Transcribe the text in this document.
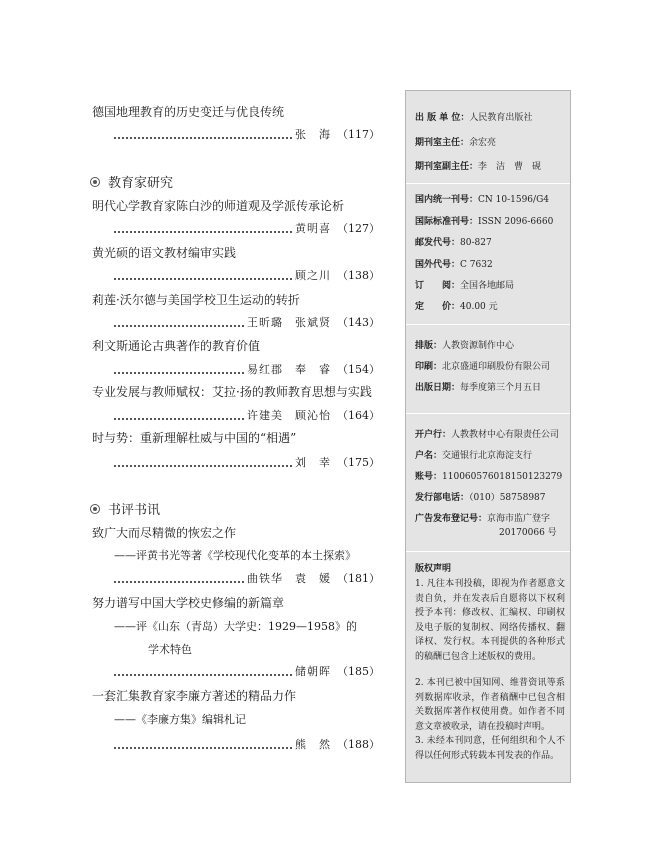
德国地理教育的历史变迁与优良传统
张　海 （117）
教育家研究
明代心学教育家陈白沙的师道观及学派传承论析
黄明喜 （127）
黄光硕的语文教材编审实践
顾之川 （138）
莉莲·沃尔德与美国学校卫生运动的转折
王昕璐　张斌贤 （143）
利文斯通论古典著作的教育价值
易红郡　奉　睿 （154）
专业发展与教师赋权：艾拉·扬的教师教育思想与实践
许建美　顾沁怡 （164）
时与势：重新理解杜威与中国的“相遇”
刘　幸 （175）
书评书讯
致广大而尽精微的恢宏之作
——评黄书光等著《学校现代化变革的本土探索》
曲铁华　袁　媛 （181）
努力谱写中国大学校史修编的新篇章
——评《山东（青岛）大学史：1929—1958》的
学术特色
储朝晖 （185）
一套汇集教育家李廉方著述的精品力作
——《李廉方集》编辑札记
熊　然 （188）
出 版 单 位：人民教育出版社
期刊室主任：余宏亮
期刊室副主任：李　洁　曹　砚
国内统一刊号：CN 10-1596/G4
国际标准刊号：ISSN 2096-6660
邮发代号：80-827
国外代号：C 7632
订　　阅：全国各地邮局
定　　价：40.00 元
排版：人教资源制作中心
印刷：北京盛通印刷股份有限公司
出版日期：每季度第三个月五日
开户行：人教教材中心有限责任公司
户名：交通银行北京海淀支行
账号：110060576018150123279
发行部电话：（010）58758987
广告发布登记号：京海市监广登字
20170066 号
版权声明
1. 凡往本刊投稿，即视为作者愿意文责自负，并在发表后自愿将以下权利授予本刊：修改权、汇编权、印刷权及电子版的复制权、网络传播权、翻译权、发行权。本刊提供的各种形式的稿酬已包含上述版权的费用。
2. 本刊已被中国知网、维普资讯等系列数据库收录，作者稿酬中已包含相关数据库著作权使用费。如作者不同意文章被收录，请在投稿时声明。
3. 未经本刊同意，任何组织和个人不得以任何形式转载本刊发表的作品。
